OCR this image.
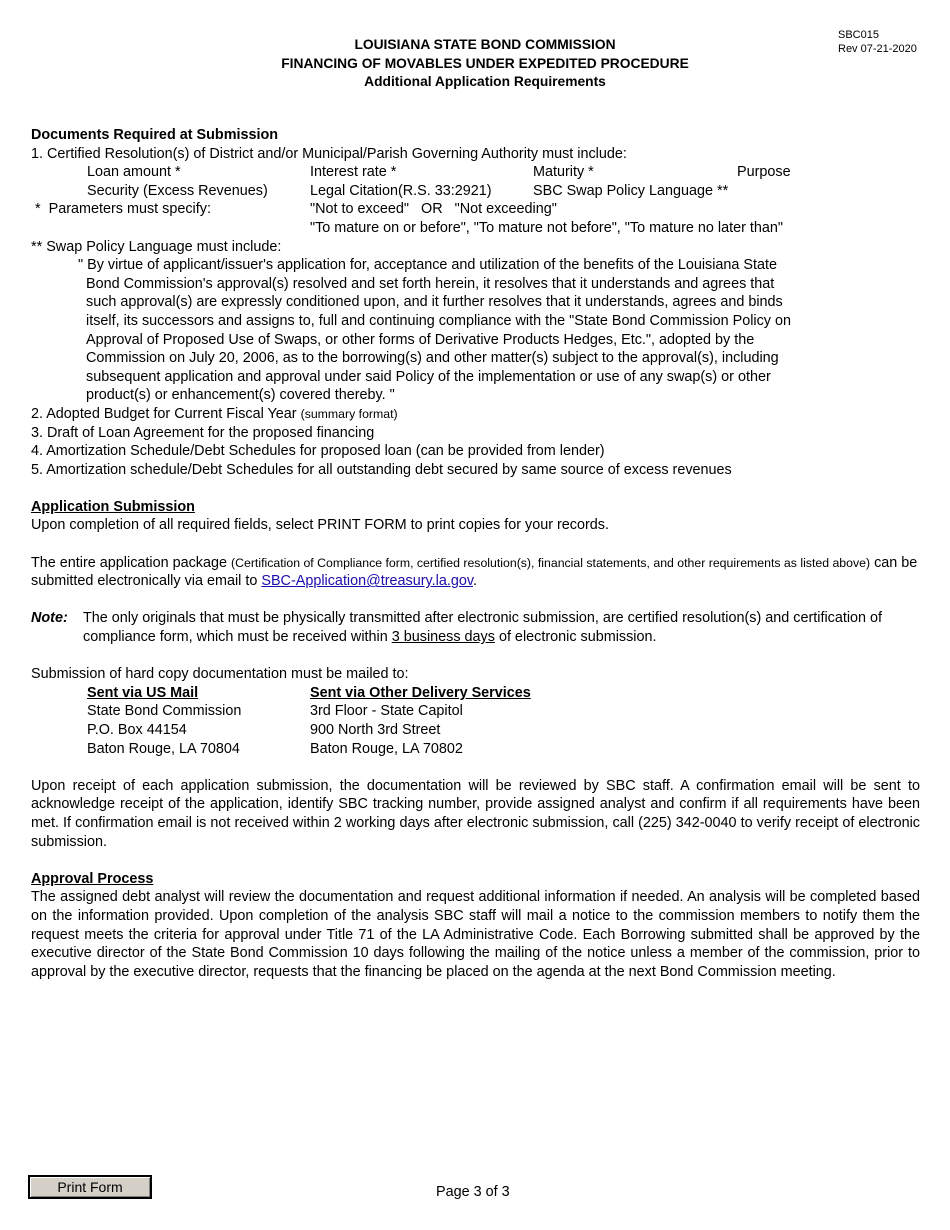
SBC015
Rev 07-21-2020
LOUISIANA STATE BOND COMMISSION
FINANCING OF MOVABLES UNDER EXPEDITED PROCEDURE
Additional Application Requirements
Documents Required at Submission
1. Certified Resolution(s) of District and/or Municipal/Parish Governing Authority must include:
Loan amount *	Interest rate *	Maturity *	Purpose
Security (Excess Revenues)	Legal Citation(R.S. 33:2921)	SBC Swap Policy Language **
*  Parameters must specify:	"Not to exceed"   OR   "Not exceeding"
"To mature on or before", "To mature not before", "To mature no later than"
** Swap Policy Language must include:
" By virtue of applicant/issuer's application for, acceptance and utilization of the benefits of the Louisiana State Bond Commission's approval(s) resolved and set forth herein, it resolves that it understands and agrees that such approval(s) are expressly conditioned upon, and it further resolves that it understands, agrees and binds itself, its successors and assigns to, full and continuing compliance with the "State Bond Commission Policy on Approval of Proposed Use of Swaps, or other forms of Derivative Products Hedges, Etc.", adopted by the Commission on July 20, 2006, as to the borrowing(s) and other matter(s) subject to the approval(s), including subsequent application and approval under said Policy of the implementation or use of any swap(s) or other product(s) or enhancement(s) covered thereby. "
2. Adopted Budget for Current Fiscal Year (summary format)
3. Draft of Loan Agreement for the proposed financing
4. Amortization Schedule/Debt Schedules for proposed loan (can be provided from lender)
5. Amortization schedule/Debt Schedules for all outstanding debt secured by same source of excess revenues
Application Submission
Upon completion of all required fields, select PRINT FORM to print copies for your records.
The entire application package (Certification of Compliance form, certified resolution(s), financial statements, and other requirements as listed above) can be submitted electronically via email to SBC-Application@treasury.la.gov.
Note:	The only originals that must be physically transmitted after electronic submission, are certified resolution(s) and certification of compliance form, which must be received within 3 business days of electronic submission.
Submission of hard copy documentation must be mailed to:
Sent via US Mail	Sent via Other Delivery Services
State Bond Commission	3rd Floor - State Capitol
P.O. Box 44154	900 North 3rd Street
Baton Rouge, LA 70804	Baton Rouge, LA 70802
Upon receipt of each application submission, the documentation will be reviewed by SBC staff. A confirmation email will be sent to acknowledge receipt of the application, identify SBC tracking number, provide assigned analyst and confirm if all requirements have been met. If confirmation email is not received within 2 working days after electronic submission, call (225) 342-0040 to verify receipt of electronic submission.
Approval Process
The assigned debt analyst will review the documentation and request additional information if needed. An analysis will be completed based on the information provided. Upon completion of the analysis SBC staff will mail a notice to the commission members to notify them the request meets the criteria for approval under Title 71 of the LA Administrative Code. Each Borrowing submitted shall be approved by the executive director of the State Bond Commission 10 days following the mailing of the notice unless a member of the commission, prior to approval by the executive director, requests that the financing be placed on the agenda at the next Bond Commission meeting.
Print Form	Page 3 of 3
